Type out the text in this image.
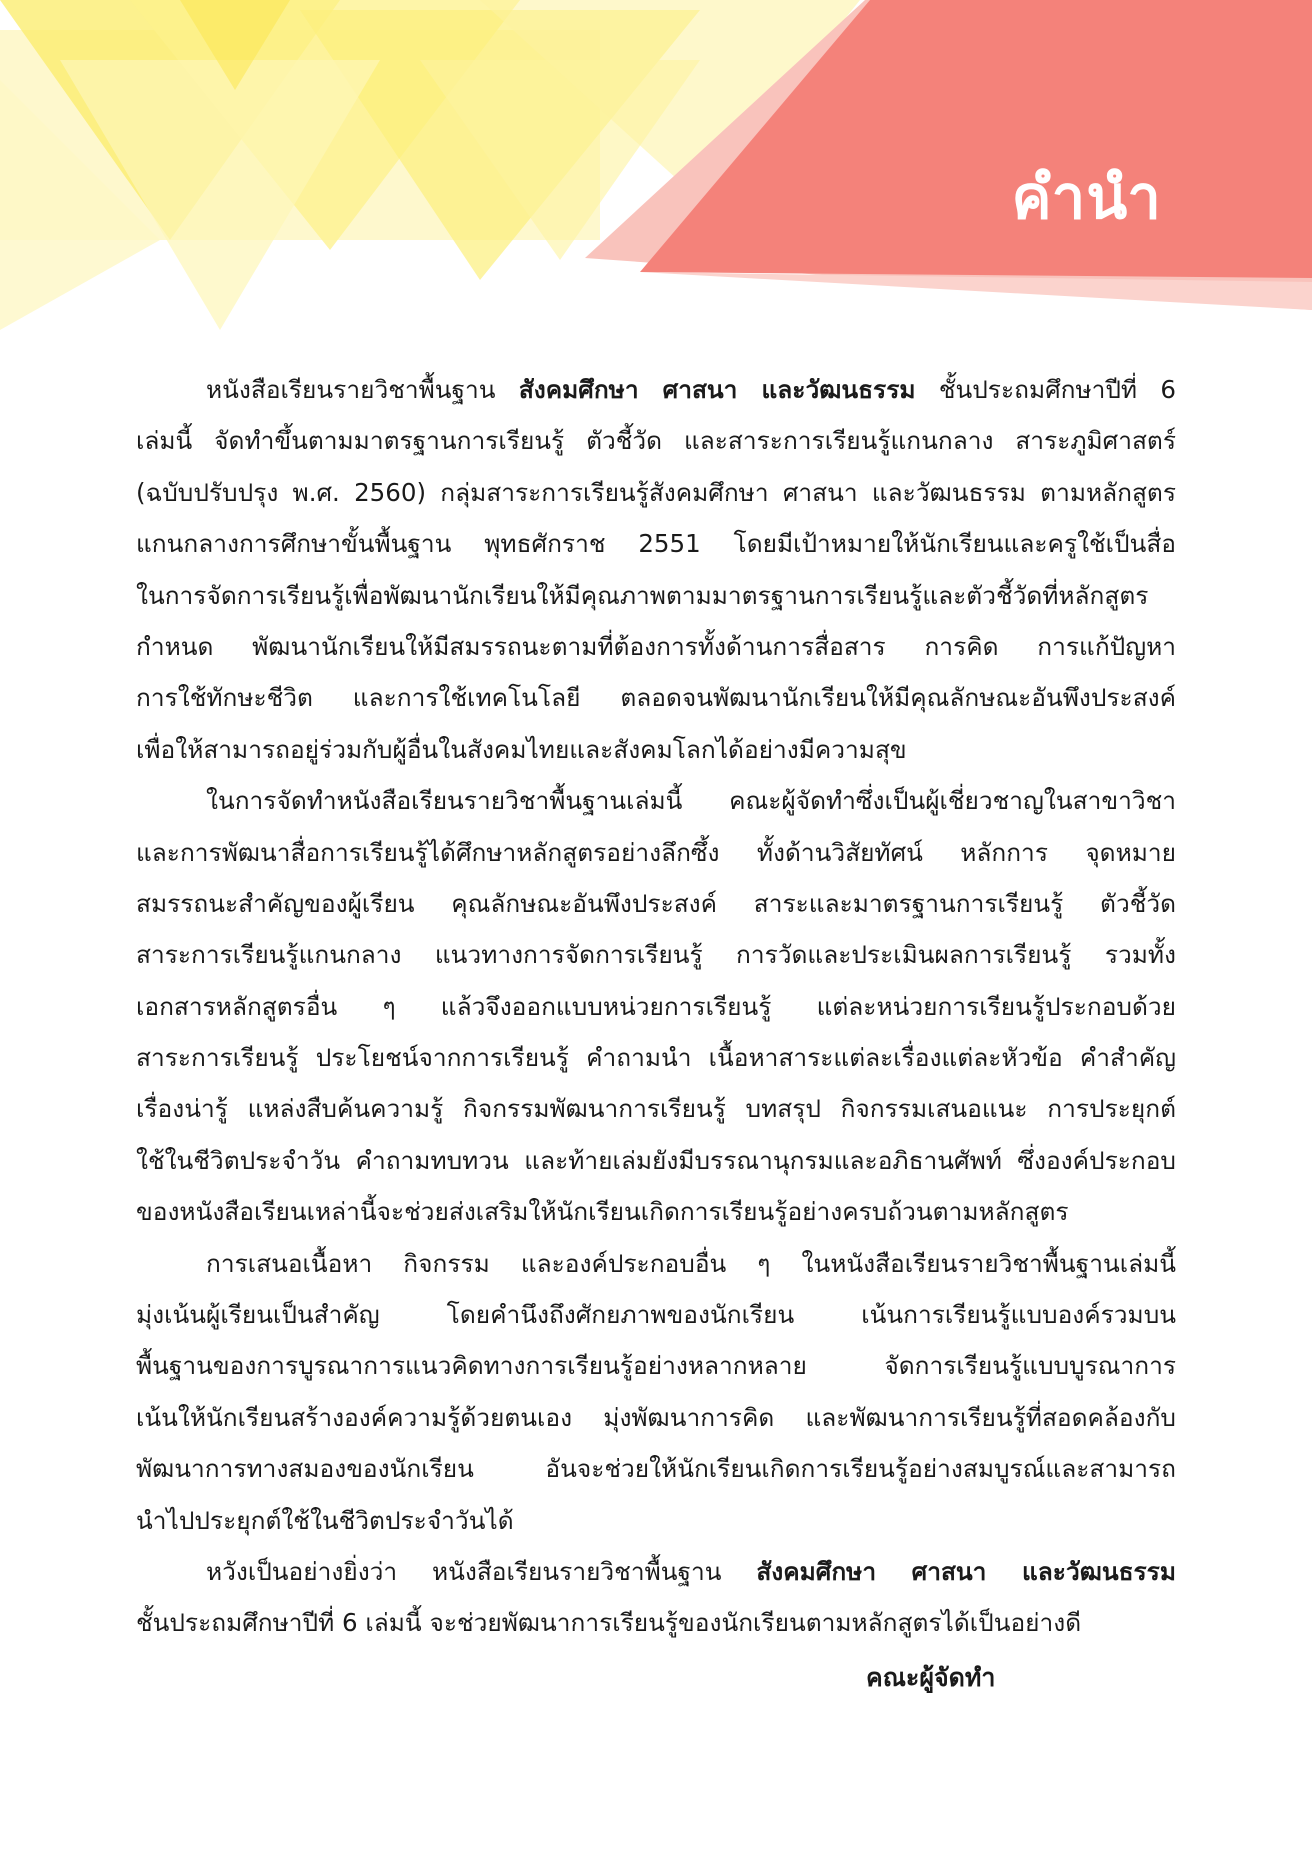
คำนำ
หนังสือเรียนรายวิชาพื้นฐาน สังคมศึกษา ศาสนา และวัฒนธรรม ชั้นประถมศึกษาปีที่ 6
เล่มนี้ จัดทำขึ้นตามมาตรฐานการเรียนรู้ ตัวชี้วัด และสาระการเรียนรู้แกนกลาง สาระภูมิศาสตร์
(ฉบับปรับปรุง พ.ศ. 2560) กลุ่มสาระการเรียนรู้สังคมศึกษา ศาสนา และวัฒนธรรม ตามหลักสูตร
แกนกลางการศึกษาขั้นพื้นฐาน พุทธศักราช 2551 โดยมีเป้าหมายให้นักเรียนและครูใช้เป็นสื่อ
ในการจัดการเรียนรู้เพื่อพัฒนานักเรียนให้มีคุณภาพตามมาตรฐานการเรียนรู้และตัวชี้วัดที่หลักสูตร
กำหนด พัฒนานักเรียนให้มีสมรรถนะตามที่ต้องการทั้งด้านการสื่อสาร การคิด การแก้ปัญหา
การใช้ทักษะชีวิต และการใช้เทคโนโลยี ตลอดจนพัฒนานักเรียนให้มีคุณลักษณะอันพึงประสงค์
เพื่อให้สามารถอยู่ร่วมกับผู้อื่นในสังคมไทยและสังคมโลกได้อย่างมีความสุข
ในการจัดทำหนังสือเรียนรายวิชาพื้นฐานเล่มนี้ คณะผู้จัดทำซึ่งเป็นผู้เชี่ยวชาญในสาขาวิชา
และการพัฒนาสื่อการเรียนรู้ได้ศึกษาหลักสูตรอย่างลึกซึ้ง ทั้งด้านวิสัยทัศน์ หลักการ จุดหมาย
สมรรถนะสำคัญของผู้เรียน คุณลักษณะอันพึงประสงค์ สาระและมาตรฐานการเรียนรู้ ตัวชี้วัด
สาระการเรียนรู้แกนกลาง แนวทางการจัดการเรียนรู้ การวัดและประเมินผลการเรียนรู้ รวมทั้ง
เอกสารหลักสูตรอื่น ๆ แล้วจึงออกแบบหน่วยการเรียนรู้ แต่ละหน่วยการเรียนรู้ประกอบด้วย
สาระการเรียนรู้ ประโยชน์จากการเรียนรู้ คำถามนำ เนื้อหาสาระแต่ละเรื่องแต่ละหัวข้อ คำสำคัญ
เรื่องน่ารู้ แหล่งสืบค้นความรู้ กิจกรรมพัฒนาการเรียนรู้ บทสรุป กิจกรรมเสนอแนะ การประยุกต์
ใช้ในชีวิตประจำวัน คำถามทบทวน และท้ายเล่มยังมีบรรณานุกรมและอภิธานศัพท์ ซึ่งองค์ประกอบ
ของหนังสือเรียนเหล่านี้จะช่วยส่งเสริมให้นักเรียนเกิดการเรียนรู้อย่างครบถ้วนตามหลักสูตร
การเสนอเนื้อหา กิจกรรม และองค์ประกอบอื่น ๆ ในหนังสือเรียนรายวิชาพื้นฐานเล่มนี้
มุ่งเน้นผู้เรียนเป็นสำคัญ โดยคำนึงถึงศักยภาพของนักเรียน เน้นการเรียนรู้แบบองค์รวมบน
พื้นฐานของการบูรณาการแนวคิดทางการเรียนรู้อย่างหลากหลาย จัดการเรียนรู้แบบบูรณาการ
เน้นให้นักเรียนสร้างองค์ความรู้ด้วยตนเอง มุ่งพัฒนาการคิด และพัฒนาการเรียนรู้ที่สอดคล้องกับ
พัฒนาการทางสมองของนักเรียน อันจะช่วยให้นักเรียนเกิดการเรียนรู้อย่างสมบูรณ์และสามารถ
นำไปประยุกต์ใช้ในชีวิตประจำวันได้
หวังเป็นอย่างยิ่งว่า หนังสือเรียนรายวิชาพื้นฐาน สังคมศึกษา ศาสนา และวัฒนธรรม
ชั้นประถมศึกษาปีที่ 6 เล่มนี้ จะช่วยพัฒนาการเรียนรู้ของนักเรียนตามหลักสูตรได้เป็นอย่างดี
คณะผู้จัดทำ
